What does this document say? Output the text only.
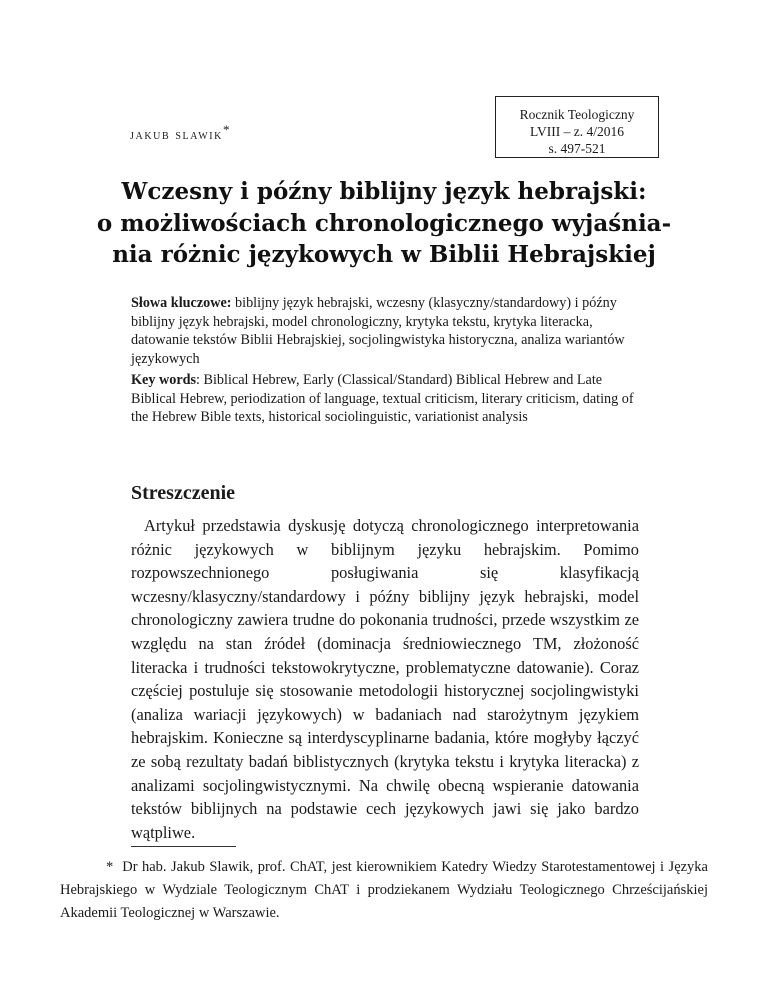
Rocznik Teologiczny
LVIII – z. 4/2016
s. 497-521
jakub slawik*
Wczesny i późny biblijny język hebrajski:
o możliwościach chronologicznego wyjaśnia-
nia różnic językowych w Biblii Hebrajskiej

Słowa kluczowe: biblijny język hebrajski, wczesny (klasyczny/standardowy) i późny biblijny język hebrajski, model chronologiczny, krytyka tekstu, krytyka literacka, datowanie tekstów Biblii Hebrajskiej, socjolingwistyka historyczna, analiza wariantów językowych

Key words: Biblical Hebrew, Early (Classical/Standard) Biblical Hebrew and Late Biblical Hebrew, periodization of language, textual criticism, literary criticism, dating of the Hebrew Bible texts, historical sociolinguistic, variationist analysis

Streszczenie

Artykuł przedstawia dyskusję dotyczą chronologicznego interpretowania różnic językowych w biblijnym języku hebrajskim. Pomimo rozpowszechnionego posługiwania się klasyfikacją wczesny/klasyczny/standardowy i późny biblijny język hebrajski, model chronologiczny zawiera trudne do pokonania trudności, przede wszystkim ze względu na stan źródeł (dominacja średniowiecznego TM, złożoność literacka i trudności tekstowokrytyczne, problematyczne datowanie). Coraz częściej postuluje się stosowanie metodologii historycznej socjolingwistyki (analiza wariacji językowych) w badaniach nad starożytnym językiem hebrajskim. Konieczne są interdyscyplinarne badania, które mogłyby łączyć ze sobą rezultaty badań biblistycznych (krytyka tekstu i krytyka literacka) z analizami socjolingwistycznymi. Na chwilę obecną wspieranie datowania tekstów biblijnych na podstawie cech językowych jawi się jako bardzo wątpliwe.

* Dr hab. Jakub Slawik, prof. ChAT, jest kierownikiem Katedry Wiedzy Starotestamentowej i Języka Hebrajskiego w Wydziale Teologicznym ChAT i prodziekanem Wydziału Teologicznego Chrześcijańskiej Akademii Teologicznej w Warszawie.
